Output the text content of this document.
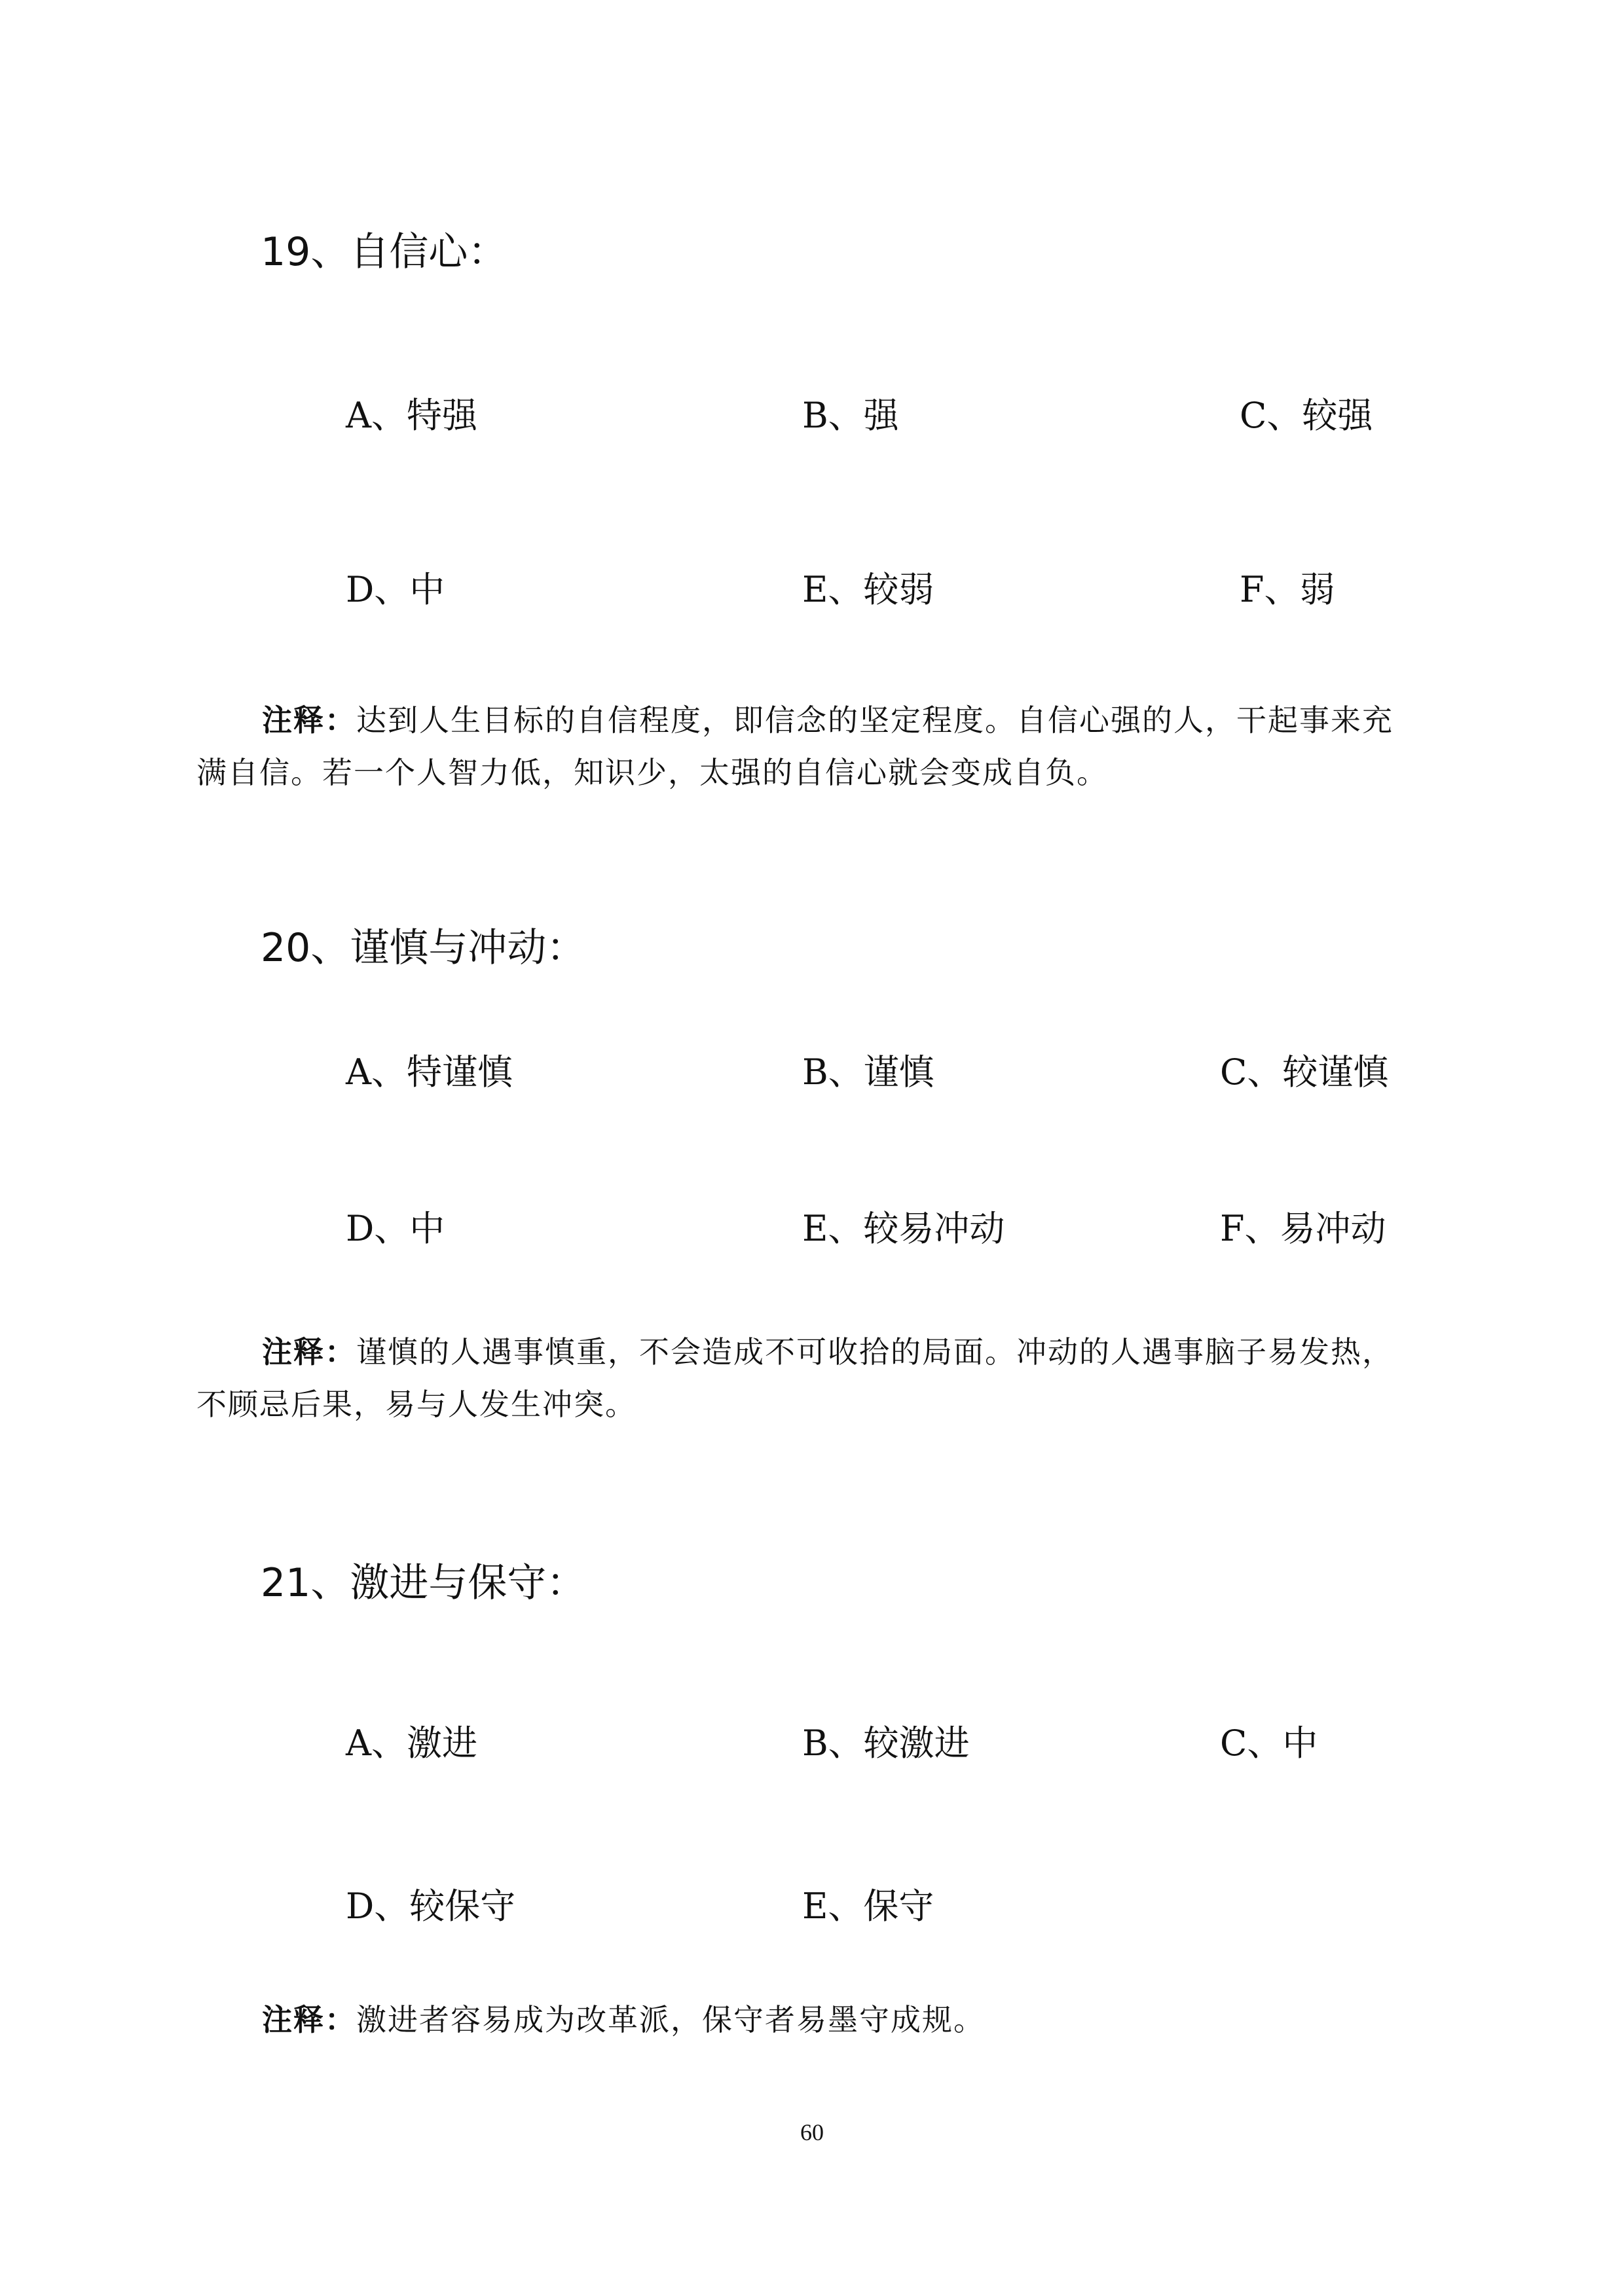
19、自信心：
A、特强	B、强	C、较强
D、中	E、较弱	F、弱
注释：达到人生目标的自信程度，即信念的坚定程度。自信心强的人，干起事来充
满自信。若一个人智力低，知识少，太强的自信心就会变成自负。
20、谨慎与冲动：
A、特谨慎	B、谨慎	C、较谨慎
D、中	E、较易冲动	F、易冲动
注释：谨慎的人遇事慎重，不会造成不可收拾的局面。冲动的人遇事脑子易发热，
不顾忌后果，易与人发生冲突。
21、激进与保守：
A、激进	B、较激进	C、中
D、较保守	E、保守
注释：激进者容易成为改革派，保守者易墨守成规。
60
